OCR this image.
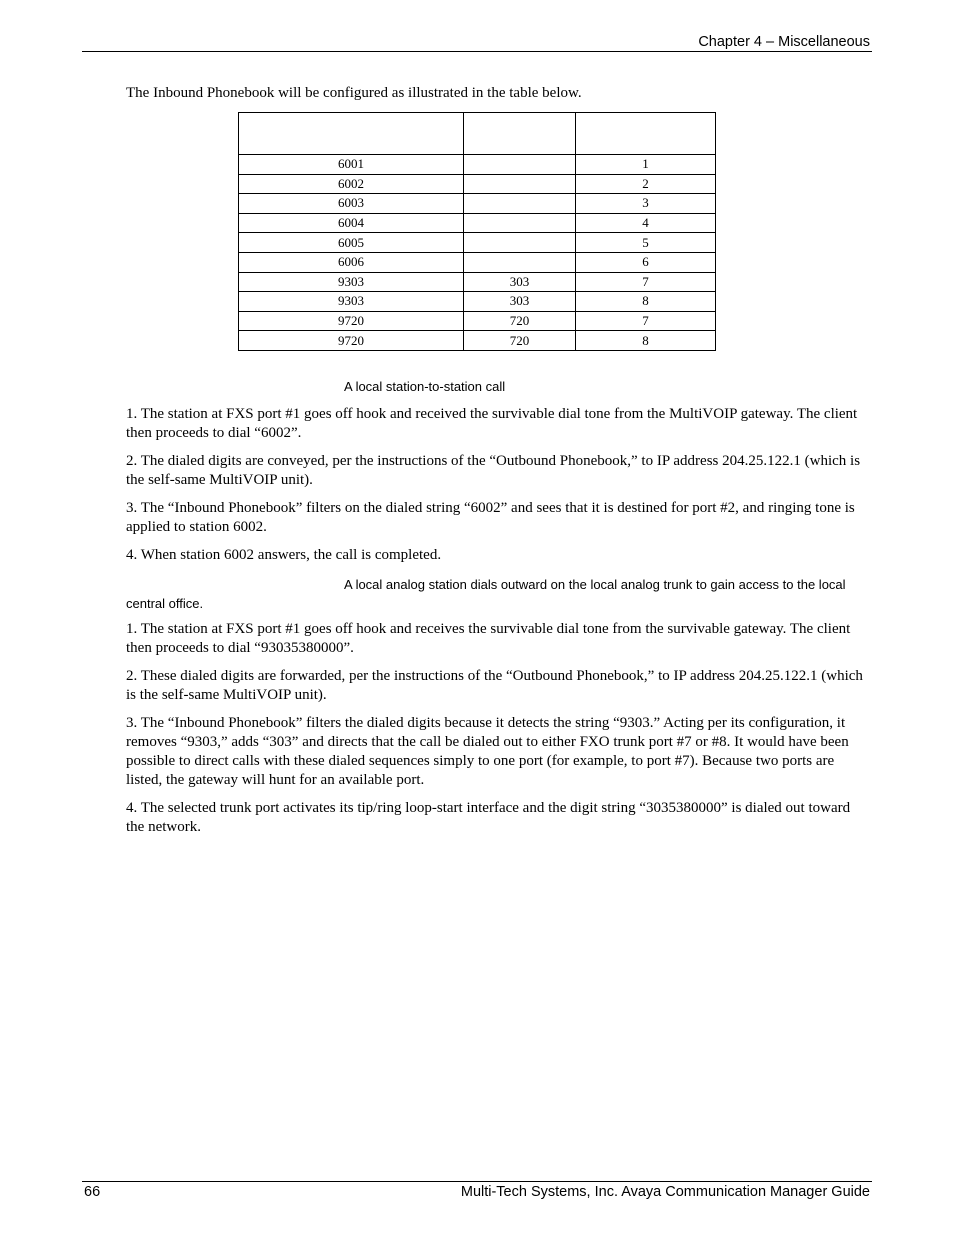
Chapter 4 – Miscellaneous
The Inbound Phonebook will be configured as illustrated in the table below.

6001		1
6002		2
6003		3
6004		4
6005		5
6006		6
9303	303	7
9303	303	8
9720	720	7
9720	720	8
A local station-to-station call

1. The station at FXS port #1 goes off hook and received the survivable dial tone from the MultiVOIP gateway. The client then proceeds to dial “6002”.

2. The dialed digits are conveyed, per the instructions of the “Outbound Phonebook,” to IP address 204.25.122.1 (which is the self-same MultiVOIP unit).

3. The “Inbound Phonebook” filters on the dialed string “6002” and sees that it is destined for port #2, and ringing tone is applied to station 6002.

4. When station 6002 answers, the call is completed.

A local analog station dials outward on the local analog trunk to gain access to the local central office.

1. The station at FXS port #1 goes off hook and receives the survivable dial tone from the survivable gateway. The client then proceeds to dial “93035380000”.

2. These dialed digits are forwarded, per the instructions of the “Outbound Phonebook,” to IP address 204.25.122.1 (which is the self-same MultiVOIP unit).

3. The “Inbound Phonebook” filters the dialed digits because it detects the string “9303.” Acting per its configuration, it removes “9303,” adds “303” and directs that the call be dialed out to either FXO trunk port #7 or #8. It would have been possible to direct calls with these dialed sequences simply to one port (for example, to port #7). Because two ports are listed, the gateway will hunt for an available port.

4. The selected trunk port activates its tip/ring loop-start interface and the digit string “3035380000” is dialed out toward the network.

66	Multi-Tech Systems, Inc. Avaya Communication Manager Guide
